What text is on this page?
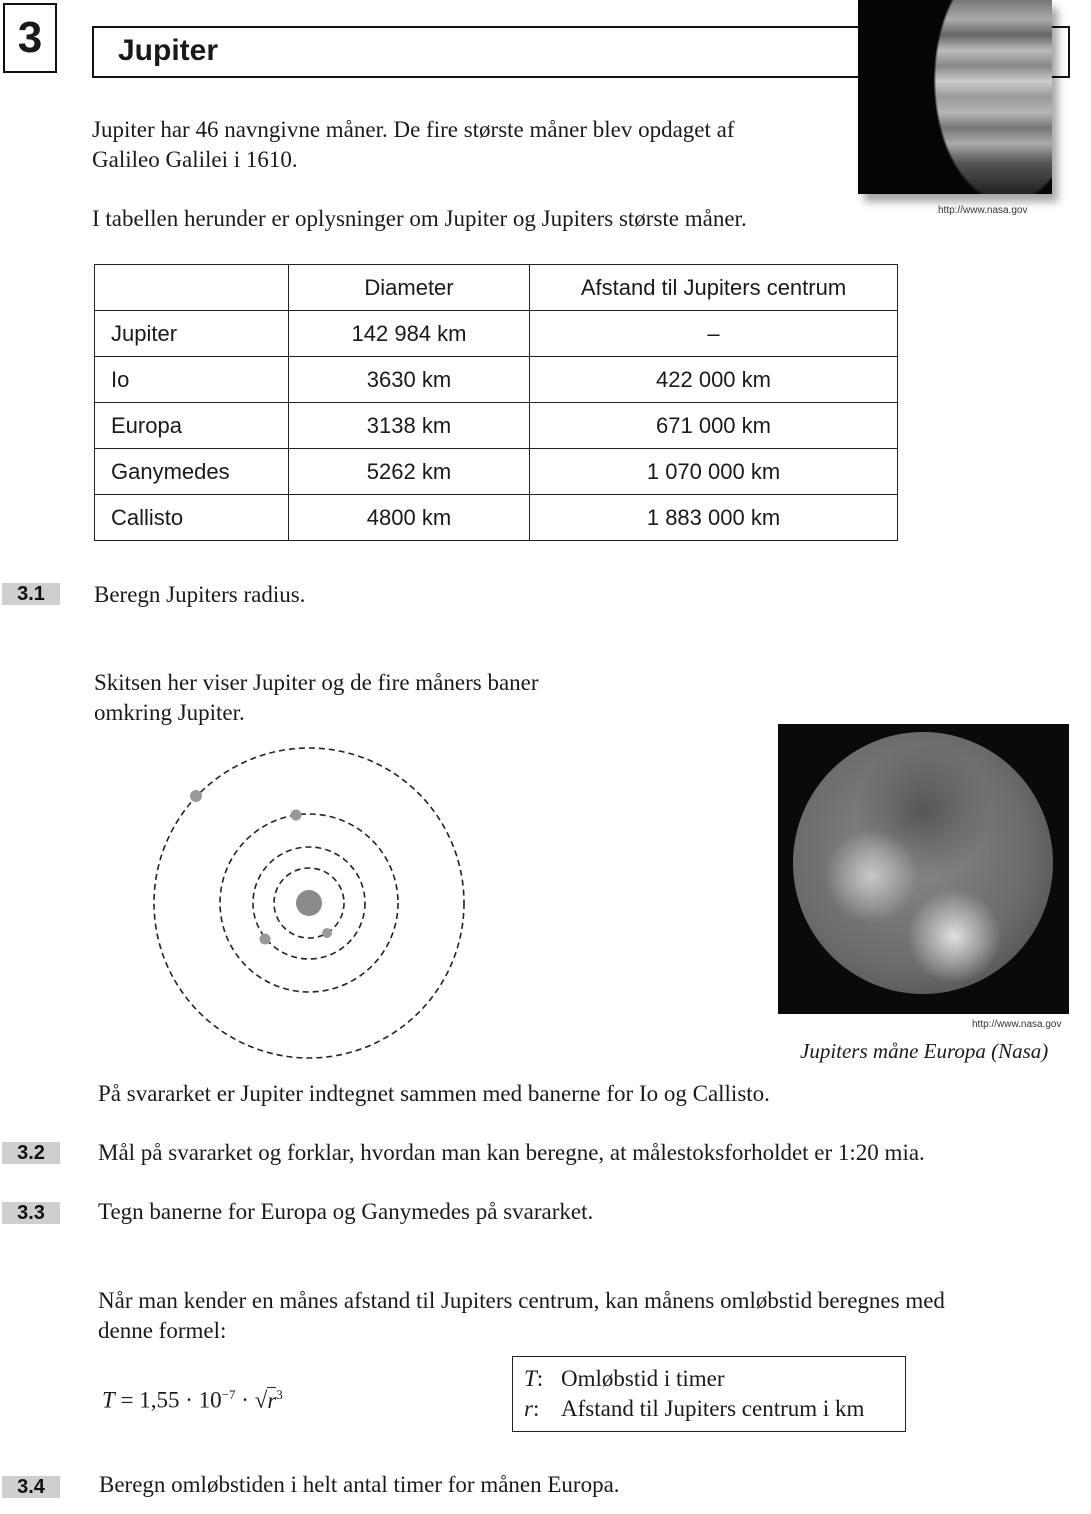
3	Jupiter
http://www.nasa.gov
Jupiter har 46 navngivne måner. De fire største måner blev opdaget af
Galileo Galilei i 1610.
I tabellen herunder er oplysninger om Jupiter og Jupiters største måner.
	Diameter	Afstand til Jupiters centrum
Jupiter	142 984 km	–
Io	3630 km	422 000 km
Europa	3138 km	671 000 km
Ganymedes	5262 km	1 070 000 km
Callisto	4800 km	1 883 000 km
3.1	Beregn Jupiters radius.
Skitsen her viser Jupiter og de fire måners baner
omkring Jupiter.
http://www.nasa.gov
Jupiters måne Europa (Nasa)
På svararket er Jupiter indtegnet sammen med banerne for Io og Callisto.
3.2	Mål på svararket og forklar, hvordan man kan beregne, at målestoksforholdet er 1:20 mia.
3.3	Tegn banerne for Europa og Ganymedes på svararket.
Når man kender en månes afstand til Jupiters centrum, kan månens omløbstid beregnes med
denne formel:
$T = 1,55 \cdot 10^{-7} \cdot √r^3$
T: Omløbstid i timer
r: Afstand til Jupiters centrum i km
3.4	Beregn omløbstiden i helt antal timer for månen Europa.
